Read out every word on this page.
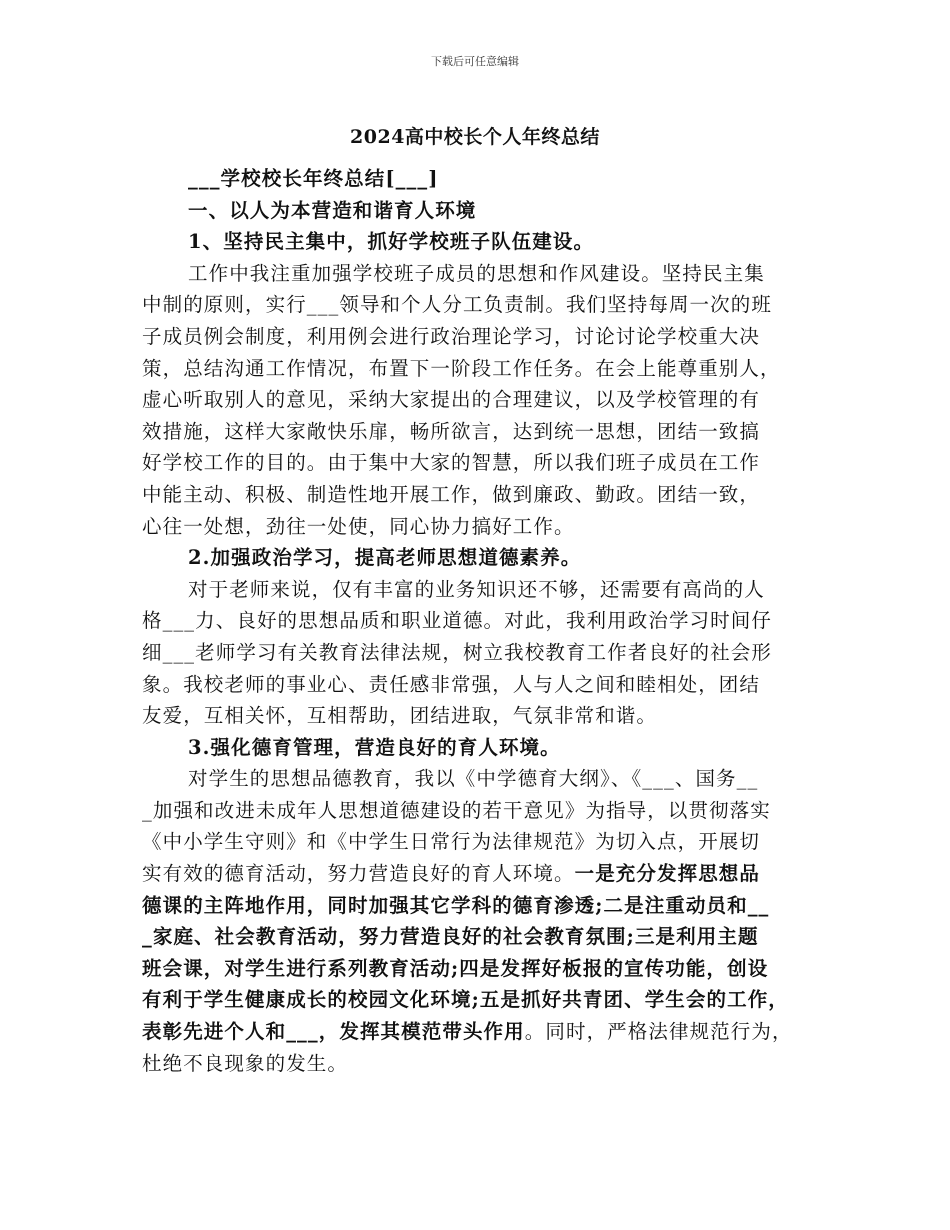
下载后可任意编辑
2024高中校长个人年终总结
___学校校长年终总结[___]
一、以人为本营造和谐育人环境
1、坚持民主集中，抓好学校班子队伍建设。
工作中我注重加强学校班子成员的思想和作风建设。坚持民主集
中制的原则，实行___领导和个人分工负责制。我们坚持每周一次的班
子成员例会制度，利用例会进行政治理论学习，讨论讨论学校重大决
策，总结沟通工作情况，布置下一阶段工作任务。在会上能尊重别人，
虚心听取别人的意见，采纳大家提出的合理建议，以及学校管理的有
效措施，这样大家敞快乐扉，畅所欲言，达到统一思想，团结一致搞
好学校工作的目的。由于集中大家的智慧，所以我们班子成员在工作
中能主动、积极、制造性地开展工作，做到廉政、勤政。团结一致，
心往一处想，劲往一处使，同心协力搞好工作。
2.加强政治学习，提高老师思想道德素养。
对于老师来说，仅有丰富的业务知识还不够，还需要有高尚的人
格___力、良好的思想品质和职业道德。对此，我利用政治学习时间仔
细___老师学习有关教育法律法规，树立我校教育工作者良好的社会形
象。我校老师的事业心、责任感非常强，人与人之间和睦相处，团结
友爱，互相关怀，互相帮助，团结进取，气氛非常和谐。
3.强化德育管理，营造良好的育人环境。
对学生的思想品德教育，我以《中学德育大纲》、《___、国务__
_加强和改进未成年人思想道德建设的若干意见》为指导，以贯彻落实
《中小学生守则》和《中学生日常行为法律规范》为切入点，开展切
实有效的德育活动，努力营造良好的育人环境。一是充分发挥思想品
德课的主阵地作用，同时加强其它学科的德育渗透;二是注重动员和__
_家庭、社会教育活动，努力营造良好的社会教育氛围;三是利用主题
班会课，对学生进行系列教育活动;四是发挥好板报的宣传功能，创设
有利于学生健康成长的校园文化环境;五是抓好共青团、学生会的工作，
表彰先进个人和___，发挥其模范带头作用。同时，严格法律规范行为，
杜绝不良现象的发生。
